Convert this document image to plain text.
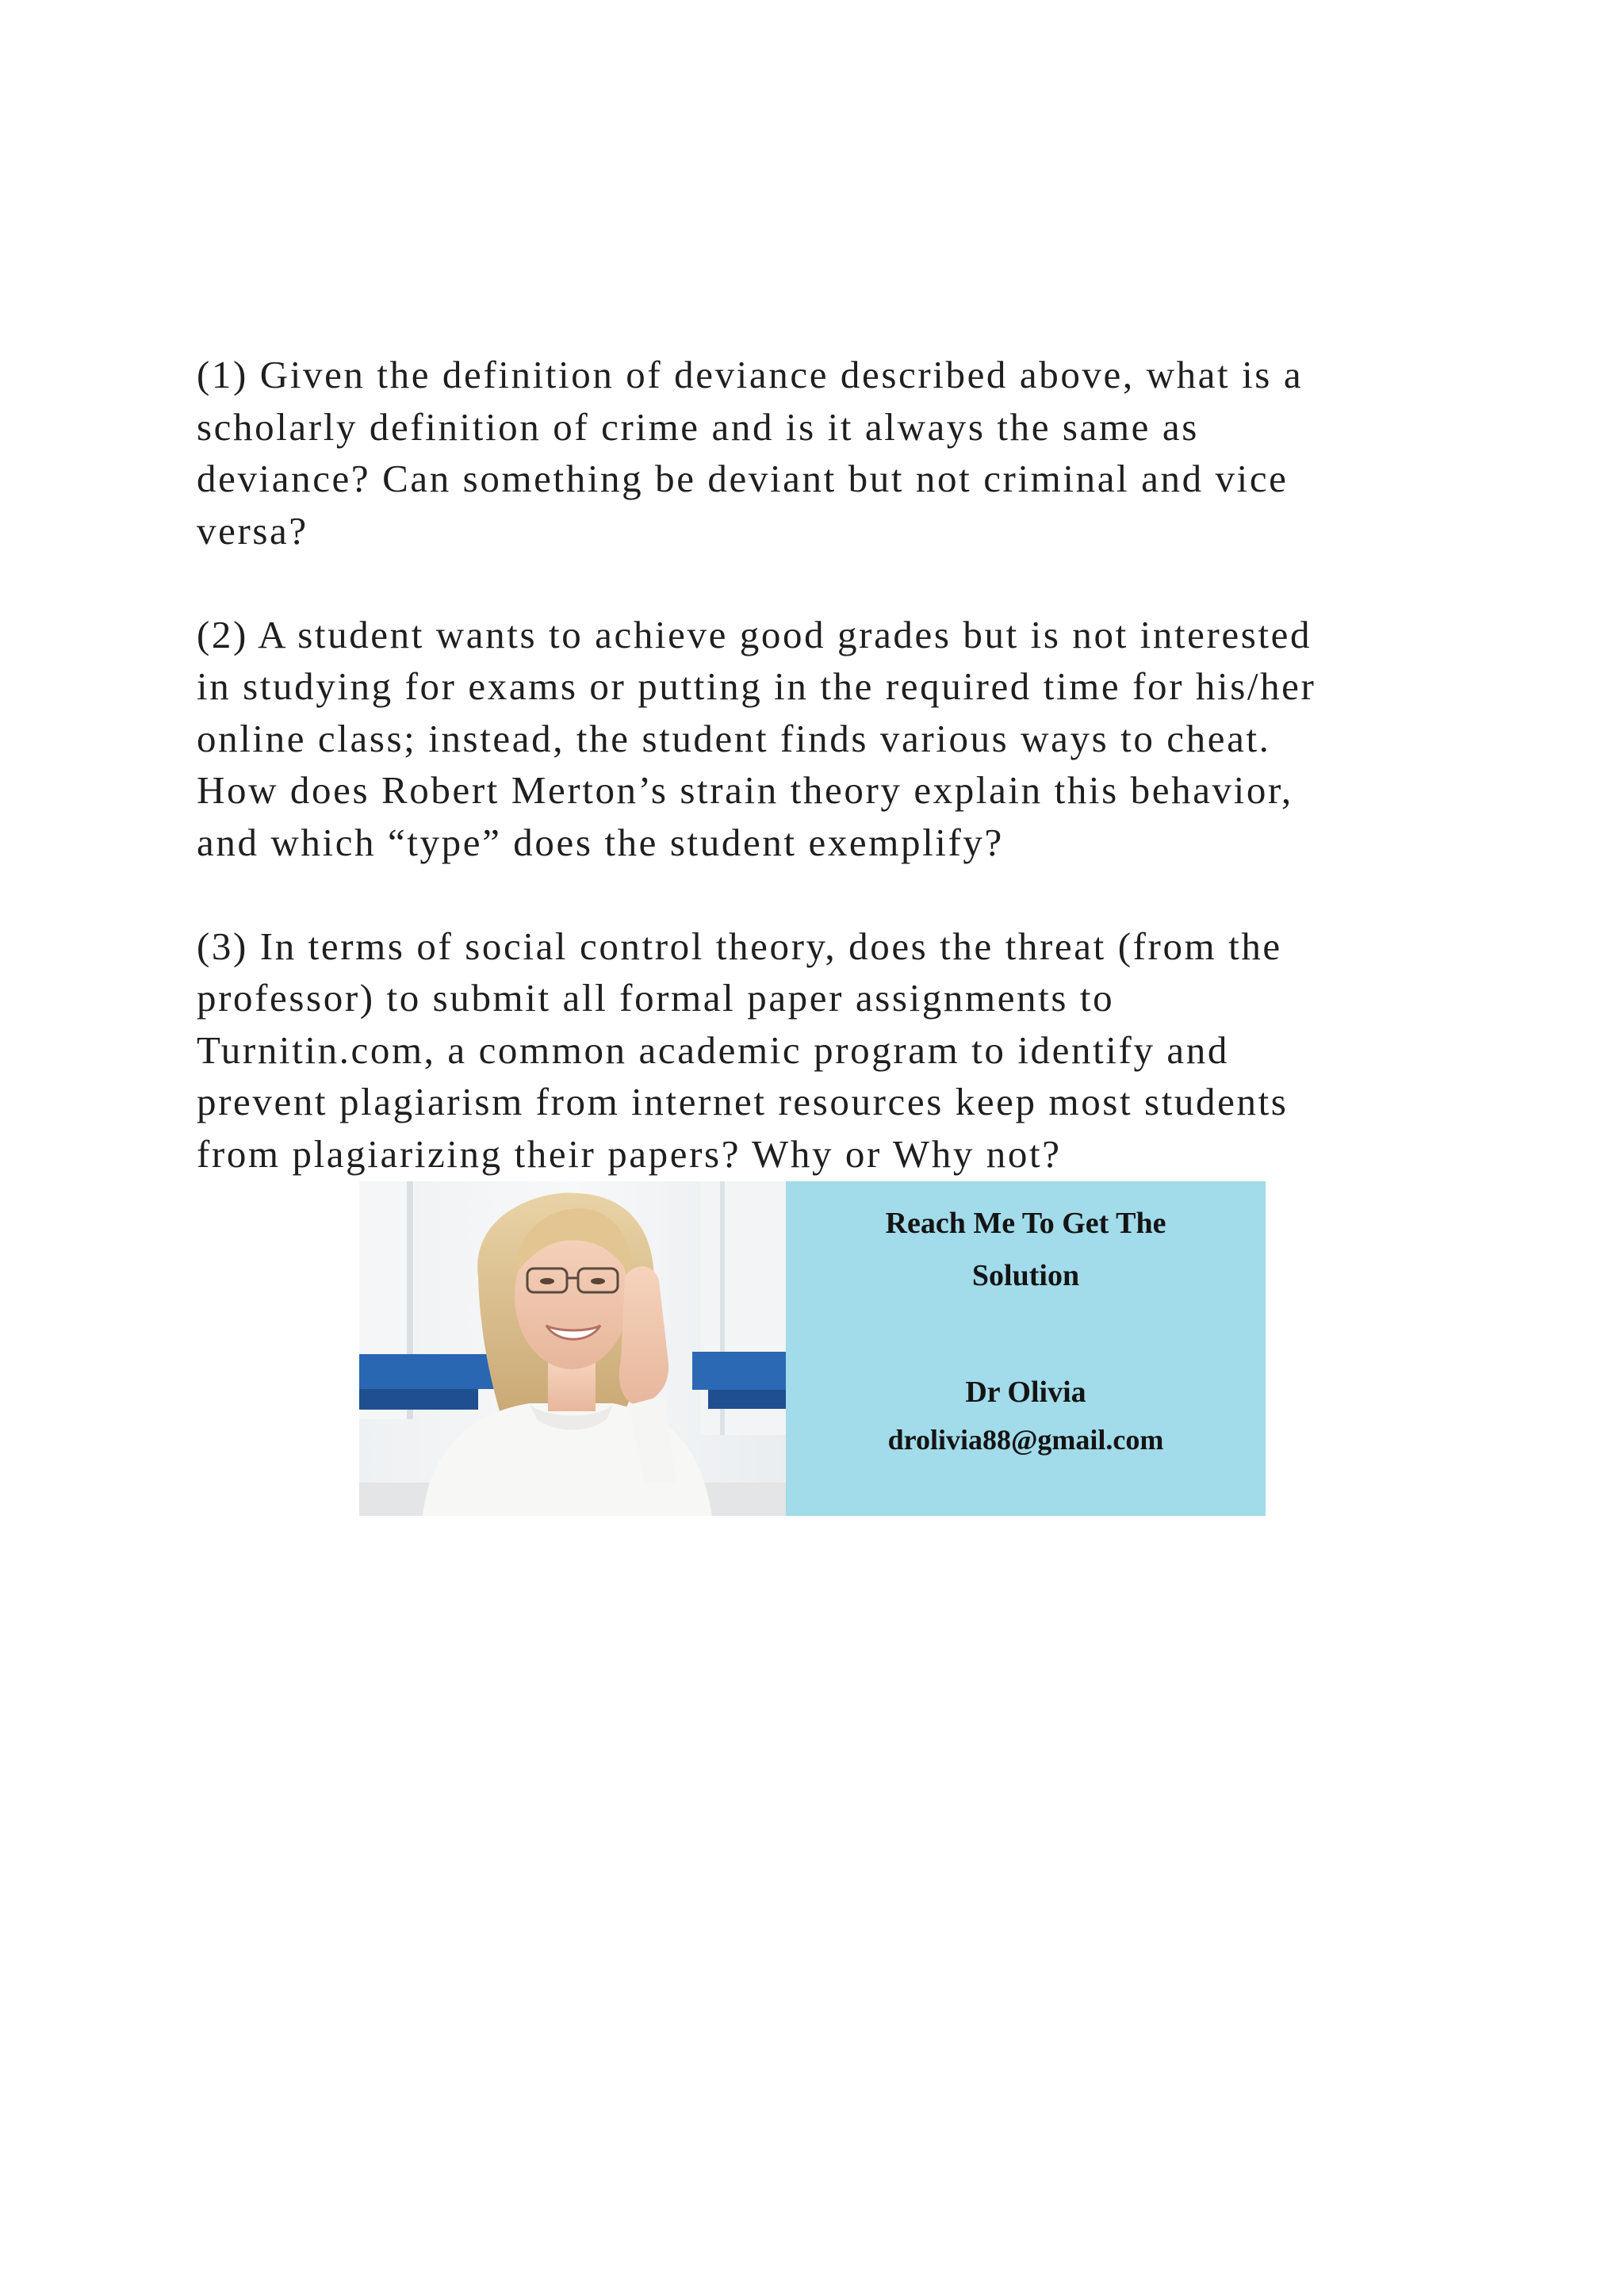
(1) Given the definition of deviance described above, what is a
scholarly definition of crime and is it always the same as
deviance? Can something be deviant but not criminal and vice
versa?
(2) A student wants to achieve good grades but is not interested
in studying for exams or putting in the required time for his/her
online class; instead, the student finds various ways to cheat.
How does Robert Merton’s strain theory explain this behavior,
and which “type” does the student exemplify?
(3) In terms of social control theory, does the threat (from the
professor) to submit all formal paper assignments to
Turnitin.com, a common academic program to identify and
prevent plagiarism from internet resources keep most students
from plagiarizing their papers? Why or Why not?
Reach Me To Get The
Solution
Dr Olivia
drolivia88@gmail.com
